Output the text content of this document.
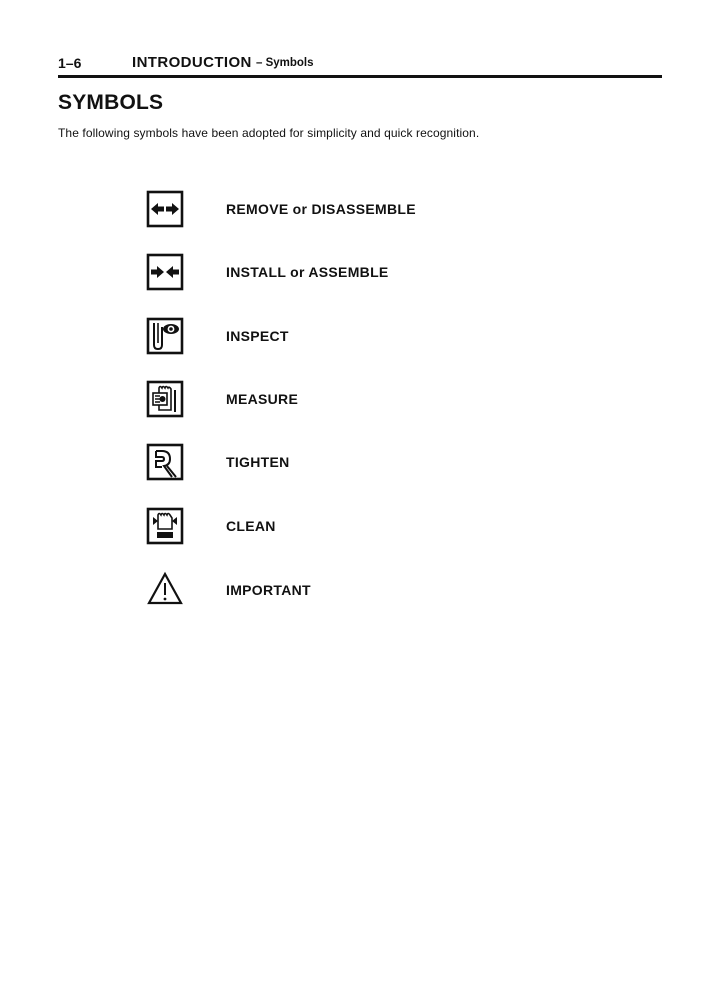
1–6	INTRODUCTION – Symbols
SYMBOLS

The following symbols have been adopted for simplicity and quick recognition.

REMOVE or DISASSEMBLE
INSTALL or ASSEMBLE
INSPECT
MEASURE
TIGHTEN
CLEAN
IMPORTANT
